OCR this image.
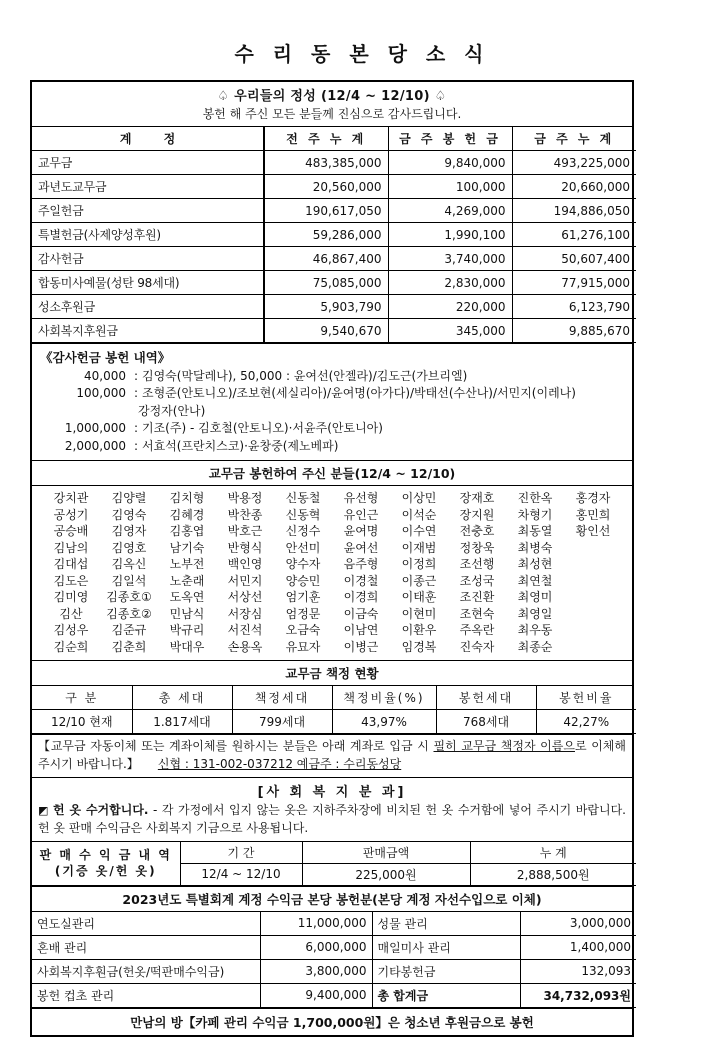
수 리 동 본 당 소 식
♤ 우리들의 정성 (12/4 ~ 12/10) ♤
봉헌 해 주신 모든 분들께 진심으로 감사드립니다.
계 정	전 주 누 계	금 주 봉 헌 금	금 주 누 계
교무금	483,385,000	9,840,000	493,225,000
과년도교무금	20,560,000	100,000	20,660,000
주일헌금	190,617,050	4,269,000	194,886,050
특별헌금(사제양성후원)	59,286,000	1,990,100	61,276,100
감사헌금	46,867,400	3,740,000	50,607,400
합동미사예물(성탄 98세대)	75,085,000	2,830,000	77,915,000
성소후원금	5,903,790	220,000	6,123,790
사회복지후원금	9,540,670	345,000	9,885,670
《감사헌금 봉헌 내역》
40,000 : 김영숙(막달레나), 50,000 : 윤여선(안젤라)/김도근(가브리엘)
100,000 : 조형준(안토니오)/조보현(세실리아)/윤여명(아가다)/박태선(수산나)/서민지(이레나)
강정자(안나)
1,000,000 : 기조(주) - 김호철(안토니오)·서윤주(안토니아)
2,000,000 : 서효석(프란치스코)·윤창중(제노베파)
교무금 봉헌하여 주신 분들(12/4 ~ 12/10)
강치관	김양렬	김치형	박용정	신동철	유선형	이상민	장재호	진한옥	홍경자
공성기	김영숙	김혜경	박찬종	신동혁	유인근	이석순	장지원	차형기	홍민희
공승배	김영자	김홍엽	박호근	신정수	윤여명	이수연	전충호	최동열	황인선
김남의	김영호	남기숙	반형식	안선미	윤여선	이재범	정창욱	최병숙	
김대섭	김옥신	노부전	백인영	양수자	음주형	이정희	조선행	최성현	
김도은	김일석	노춘래	서민지	양승민	이경철	이종근	조성국	최연철	
김미영	김종호①	도옥연	서상선	엄기훈	이경희	이태훈	조진환	최영미	
김산	김종호②	민남식	서장심	엄정문	이금숙	이현미	조현숙	최영일	
김성우	김준규	박규리	서진석	오금숙	이남연	이환우	주옥란	최우동	
김순희	김춘희	박대우	손용옥	유묘자	이병근	임경복	진숙자	최종순	
교무금 책정 현황
구 분	총 세대	책정세대	책정비율(%)	봉헌세대	봉헌비율
12/10 현재	1.817세대	799세대	43,97%	768세대	42,27%
【교무금 자동이체 또는 계좌이체를 원하시는 분들은 아래 계좌로 입금 시 필히 교무금 책정자 이름으로 이체해 주시기 바랍니다.】 신협 : 131-002-037212 예금주 : 수리동성당
[사 회 복 지 분 과]
◩ 헌 옷 수거합니다. - 각 가정에서 입지 않는 옷은 지하주차장에 비치된 헌 옷 수거함에 넣어 주시기 바랍니다. 헌 옷 판매 수익금은 사회복지 기금으로 사용됩니다.
판 매 수 익 금 내 역
(기증 옷/헌 옷)	기 간	판매금액	누 계
	12/4 ~ 12/10	225,000원	2,888,500원
2023년도 특별회계 계정 수익금 본당 봉헌분(본당 계정 자선수입으로 이체)
연도실관리	11,000,000	성물 관리	3,000,000
혼배 관리	6,000,000	매일미사 관리	1,400,000
사회복지후훤금(헌옷/떡판매수익금)	3,800,000	기타봉헌금	132,093
봉헌 컵초 관리	9,400,000	총 합계금	34,732,093원
만남의 방【카페 관리 수익금 1,700,000원】은 청소년 후원금으로 봉헌
